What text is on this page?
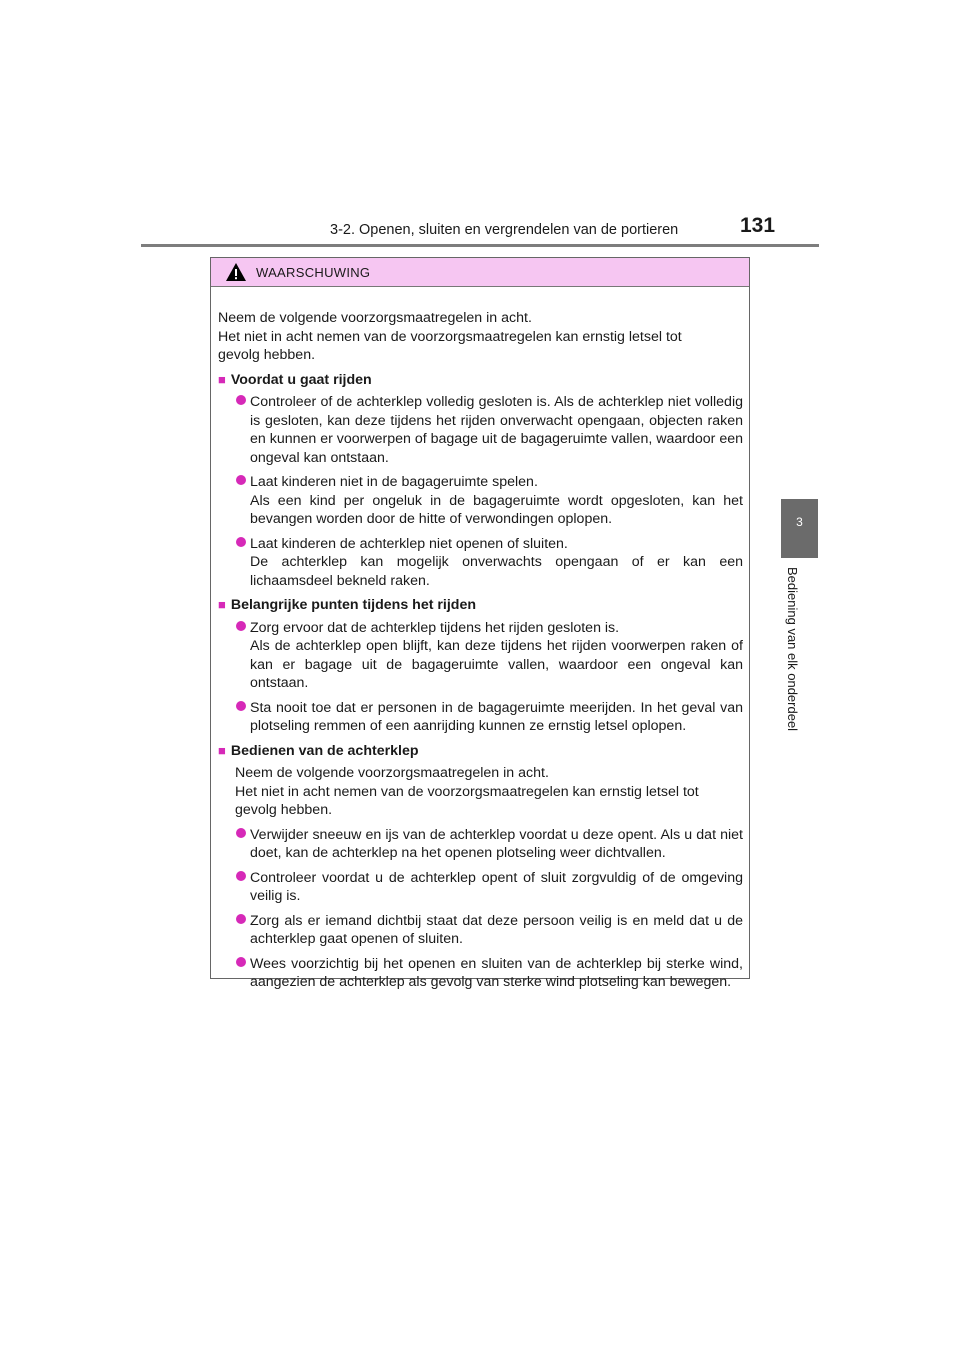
3-2. Openen, sluiten en vergrendelen van de portieren	131
3
Bediening van elk onderdeel
WAARSCHUWING
Neem de volgende voorzorgsmaatregelen in acht.
Het niet in acht nemen van de voorzorgsmaatregelen kan ernstig letsel tot
gevolg hebben.
■ Voordat u gaat rijden
Controleer of de achterklep volledig gesloten is. Als de achterklep niet volledig is gesloten, kan deze tijdens het rijden onverwacht opengaan, objecten raken en kunnen er voorwerpen of bagage uit de bagageruimte vallen, waardoor een ongeval kan ontstaan.
Laat kinderen niet in de bagageruimte spelen.
Als een kind per ongeluk in de bagageruimte wordt opgesloten, kan het bevangen worden door de hitte of verwondingen oplopen.
Laat kinderen de achterklep niet openen of sluiten.
De achterklep kan mogelijk onverwachts opengaan of er kan een lichaamsdeel bekneld raken.
■ Belangrijke punten tijdens het rijden
Zorg ervoor dat de achterklep tijdens het rijden gesloten is.
Als de achterklep open blijft, kan deze tijdens het rijden voorwerpen raken of kan er bagage uit de bagageruimte vallen, waardoor een ongeval kan ontstaan.
Sta nooit toe dat er personen in de bagageruimte meerijden. In het geval van plotseling remmen of een aanrijding kunnen ze ernstig letsel oplopen.
■ Bedienen van de achterklep
Neem de volgende voorzorgsmaatregelen in acht.
Het niet in acht nemen van de voorzorgsmaatregelen kan ernstig letsel tot
gevolg hebben.
Verwijder sneeuw en ijs van de achterklep voordat u deze opent. Als u dat niet doet, kan de achterklep na het openen plotseling weer dichtvallen.
Controleer voordat u de achterklep opent of sluit zorgvuldig of de omgeving veilig is.
Zorg als er iemand dichtbij staat dat deze persoon veilig is en meld dat u de achterklep gaat openen of sluiten.
Wees voorzichtig bij het openen en sluiten van de achterklep bij sterke wind, aangezien de achterklep als gevolg van sterke wind plotseling kan bewegen.
